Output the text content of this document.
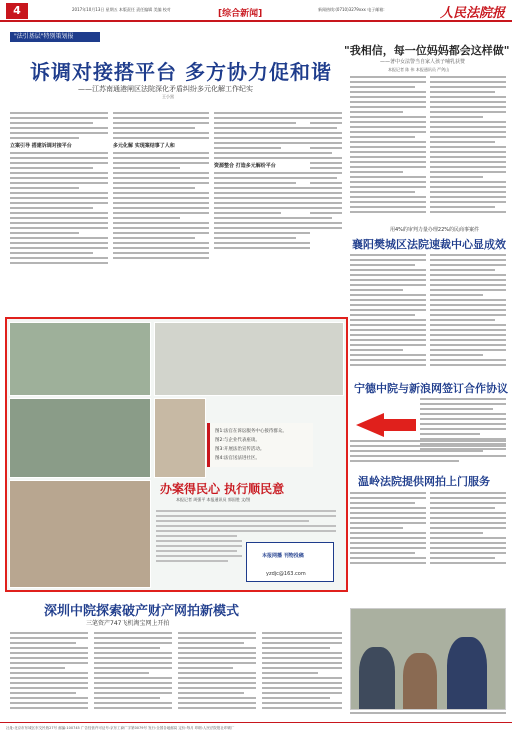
4	2017年10月13日 星期五 本版责任 责任编辑 美编 校对	[综合新闻]	新闻热线:(0710)3279xxx 电子邮箱:	人民法院报
"法引基层"特别策划报
诉调对接搭平台 多方协力促和谐
——江苏南通港闸区法院深化矛盾纠纷多元化解工作纪实
王小黑
立案引导 搭建诉调对接平台	多元化解 实现案结事了人和
资源整合 打造多元解纷平台
"我相信，每一位妈妈都会这样做"
——著中女法警当自家人孩子哺乳获赞
本报记者 陈 伟 本报通讯员 严剑山
用4%的审判力量办理22%的民商事案件
襄阳樊城区法院速裁中心显成效
宁德中院与新浪网签订合作协议
温岭法院提供网拍上门服务
图1:法官在诉讼服务中心接待群众。
图2:与企业代表座谈。
图3:开展法治宣传活动。
图4:法官送法进社区。
办案得民心 执行顺民意
本报记者 周强平 本报通讯员 郭国胜 文/图
本报网播 刊物投稿
yzdjc@163.com
深圳中院探索破产财产网拍新模式
三笔资产747飞机淘宝网上开拍
社址:北京市东城区东交民巷27号 邮编:100745 广告经营许可证号:京东工商广字第0079号 发行:全国各地邮局 定价:每月 印刷:人民法院报社印刷厂
